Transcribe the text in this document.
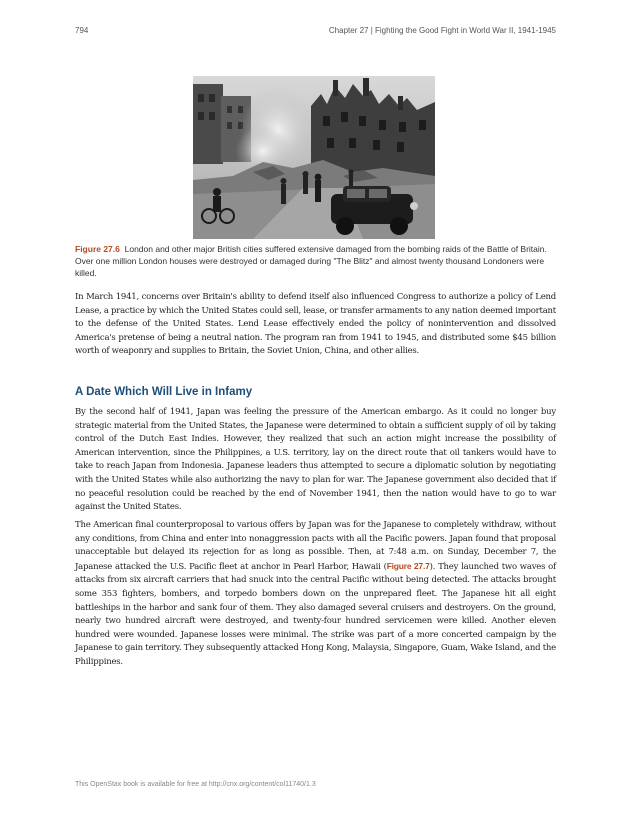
794	Chapter 27 | Fighting the Good Fight in World War II, 1941-1945
Figure 27.6 London and other major British cities suffered extensive damaged from the bombing raids of the Battle of Britain. Over one million London houses were destroyed or damaged during "The Blitz" and almost twenty thousand Londoners were killed.

In March 1941, concerns over Britain's ability to defend itself also influenced Congress to authorize a policy of Lend Lease, a practice by which the United States could sell, lease, or transfer armaments to any nation deemed important to the defense of the United States. Lend Lease effectively ended the policy of nonintervention and dissolved America's pretense of being a neutral nation. The program ran from 1941 to 1945, and distributed some $45 billion worth of weaponry and supplies to Britain, the Soviet Union, China, and other allies.

A Date Which Will Live in Infamy

By the second half of 1941, Japan was feeling the pressure of the American embargo. As it could no longer buy strategic material from the United States, the Japanese were determined to obtain a sufficient supply of oil by taking control of the Dutch East Indies. However, they realized that such an action might increase the possibility of American intervention, since the Philippines, a U.S. territory, lay on the direct route that oil tankers would have to take to reach Japan from Indonesia. Japanese leaders thus attempted to secure a diplomatic solution by negotiating with the United States while also authorizing the navy to plan for war. The Japanese government also decided that if no peaceful resolution could be reached by the end of November 1941, then the nation would have to go to war against the United States.

The American final counterproposal to various offers by Japan was for the Japanese to completely withdraw, without any conditions, from China and enter into nonaggression pacts with all the Pacific powers. Japan found that proposal unacceptable but delayed its rejection for as long as possible. Then, at 7:48 a.m. on Sunday, December 7, the Japanese attacked the U.S. Pacific fleet at anchor in Pearl Harbor, Hawaii (Figure 27.7). They launched two waves of attacks from six aircraft carriers that had snuck into the central Pacific without being detected. The attacks brought some 353 fighters, bombers, and torpedo bombers down on the unprepared fleet. The Japanese hit all eight battleships in the harbor and sank four of them. They also damaged several cruisers and destroyers. On the ground, nearly two hundred aircraft were destroyed, and twenty-four hundred servicemen were killed. Another eleven hundred were wounded. Japanese losses were minimal. The strike was part of a more concerted campaign by the Japanese to gain territory. They subsequently attacked Hong Kong, Malaysia, Singapore, Guam, Wake Island, and the Philippines.

This OpenStax book is available for free at http://cnx.org/content/col11740/1.3
